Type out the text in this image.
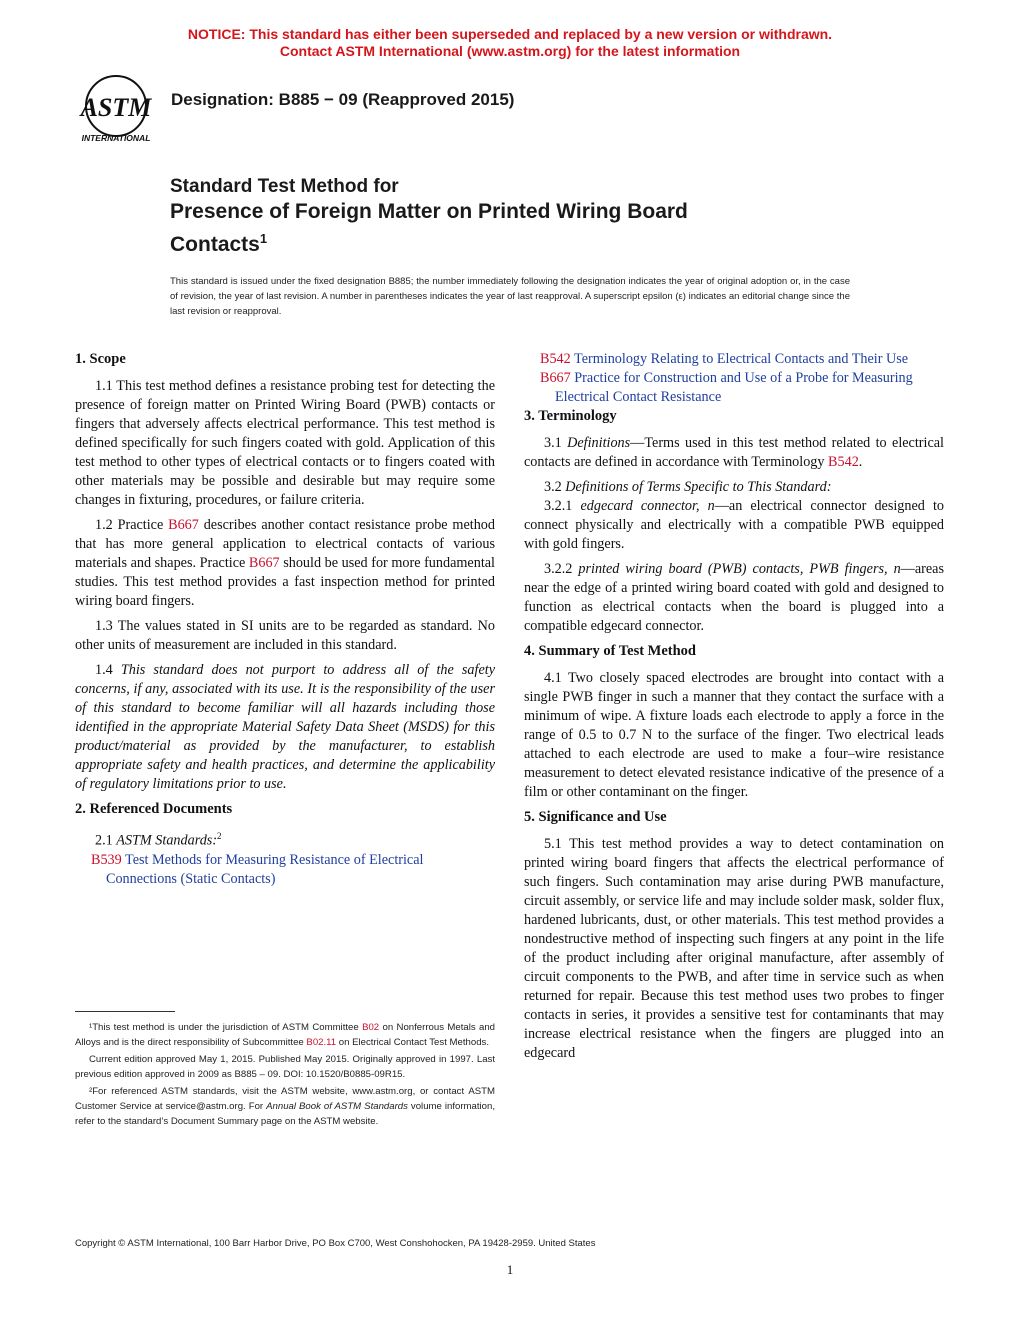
NOTICE: This standard has either been superseded and replaced by a new version or withdrawn.
Contact ASTM International (www.astm.org) for the latest information
ASTM
INTERNATIONAL
Designation: B885 − 09 (Reapproved 2015)
Standard Test Method for
Presence of Foreign Matter on Printed Wiring Board
Contacts$^1$
This standard is issued under the fixed designation B885; the number immediately following the designation indicates the year of original adoption or, in the case of revision, the year of last revision. A number in parentheses indicates the year of last reapproval. A superscript epsilon (ε) indicates an editorial change since the last revision or reapproval.
1. Scope

1.1 This test method defines a resistance probing test for detecting the presence of foreign matter on Printed Wiring Board (PWB) contacts or fingers that adversely affects electrical performance. This test method is defined specifically for such fingers coated with gold. Application of this test method to other types of electrical contacts or to fingers coated with other materials may be possible and desirable but may require some changes in fixturing, procedures, or failure criteria.

1.2 Practice B667 describes another contact resistance probe method that has more general application to electrical contacts of various materials and shapes. Practice B667 should be used for more fundamental studies. This test method provides a fast inspection method for printed wiring board fingers.

1.3 The values stated in SI units are to be regarded as standard. No other units of measurement are included in this standard.

1.4 This standard does not purport to address all of the safety concerns, if any, associated with its use. It is the responsibility of the user of this standard to become familiar will all hazards including those identified in the appropriate Material Safety Data Sheet (MSDS) for this product/material as provided by the manufacturer, to establish appropriate safety and health practices, and determine the applicability of regulatory limitations prior to use.

2. Referenced Documents

2.1 ASTM Standards:$^2$

B539 Test Methods for Measuring Resistance of Electrical Connections (Static Contacts)

B542 Terminology Relating to Electrical Contacts and Their Use

B667 Practice for Construction and Use of a Probe for Measuring Electrical Contact Resistance

3. Terminology

3.1 Definitions—Terms used in this test method related to electrical contacts are defined in accordance with Terminology B542.

3.2 Definitions of Terms Specific to This Standard:

3.2.1 edgecard connector, n—an electrical connector designed to connect physically and electrically with a compatible PWB equipped with gold fingers.

3.2.2 printed wiring board (PWB) contacts, PWB fingers, n—areas near the edge of a printed wiring board coated with gold and designed to function as electrical contacts when the board is plugged into a compatible edgecard connector.

4. Summary of Test Method

4.1 Two closely spaced electrodes are brought into contact with a single PWB finger in such a manner that they contact the surface with a minimum of wipe. A fixture loads each electrode to apply a force in the range of 0.5 to 0.7 N to the surface of the finger. Two electrical leads attached to each electrode are used to make a four–wire resistance measurement to detect elevated resistance indicative of the presence of a film or other contaminant on the finger.

5. Significance and Use

5.1 This test method provides a way to detect contamination on printed wiring board fingers that affects the electrical performance of such fingers. Such contamination may arise during PWB manufacture, circuit assembly, or service life and may include solder mask, solder flux, hardened lubricants, dust, or other materials. This test method provides a nondestructive method of inspecting such fingers at any point in the life of the product including after original manufacture, after assembly of circuit components to the PWB, and after time in service such as when returned for repair. Because this test method uses two probes to finger contacts in series, it provides a sensitive test for contaminants that may increase electrical resistance when the fingers are plugged into an edgecard

¹This test method is under the jurisdiction of ASTM Committee B02 on Nonferrous Metals and Alloys and is the direct responsibility of Subcommittee B02.11 on Electrical Contact Test Methods.

Current edition approved May 1, 2015. Published May 2015. Originally approved in 1997. Last previous edition approved in 2009 as B885 – 09. DOI: 10.1520/B0885-09R15.

²For referenced ASTM standards, visit the ASTM website, www.astm.org, or contact ASTM Customer Service at service@astm.org. For Annual Book of ASTM Standards volume information, refer to the standard’s Document Summary page on the ASTM website.

Copyright © ASTM International, 100 Barr Harbor Drive, PO Box C700, West Conshohocken, PA 19428-2959. United States
1
